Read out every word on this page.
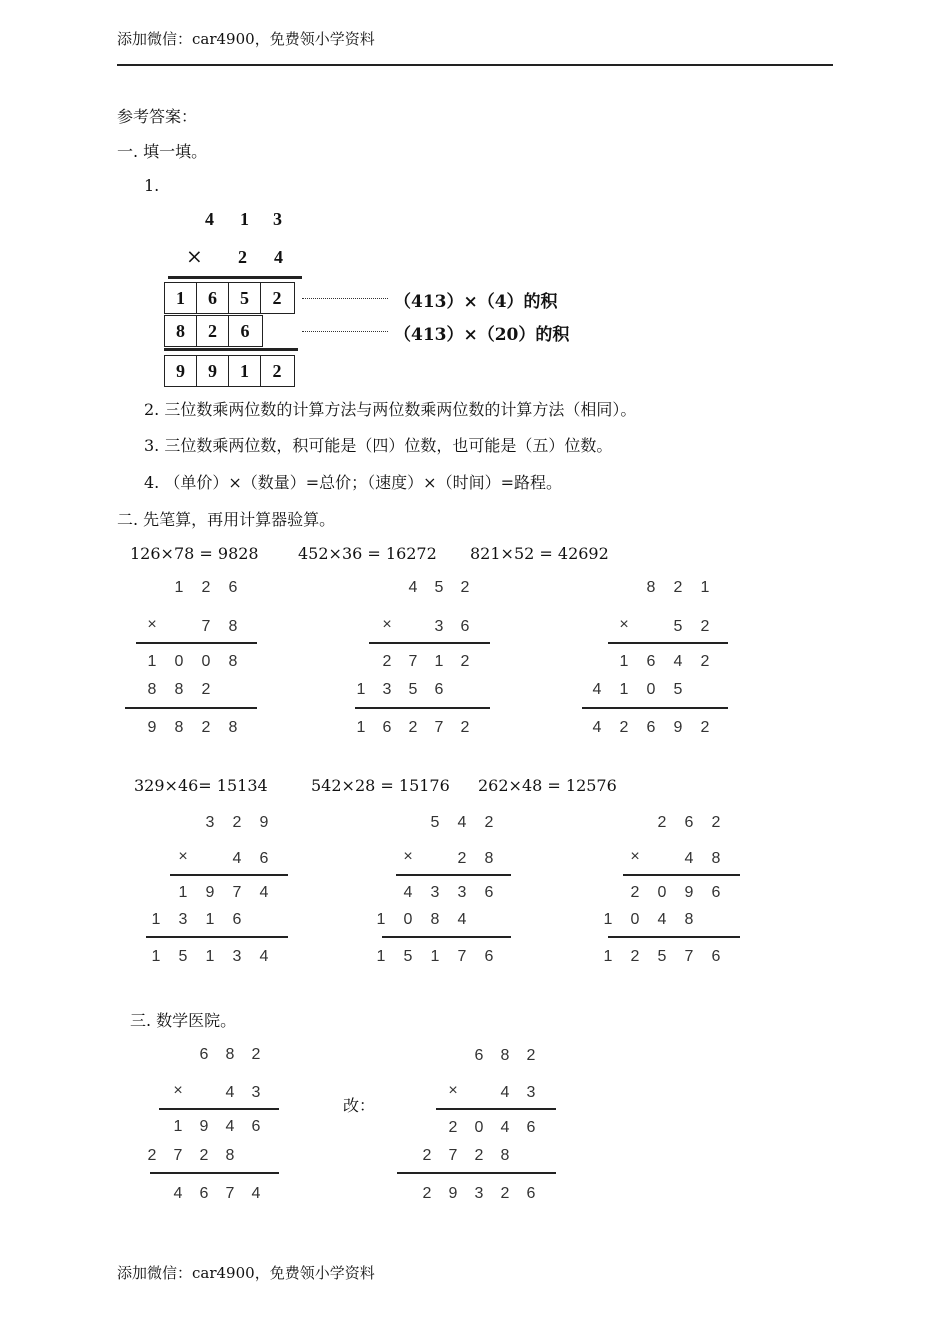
添加微信：car4900，免费领小学资料
添加微信：car4900，免费领小学资料
参考答案：
一. 填一填。
1.
4 1 3
× 2 4
1	6	5	2	（413）×（4）的积
8	2	6	（413）×（20）的积
9	9	1	2
2. 三位数乘两位数的计算方法与两位数乘两位数的计算方法（相同）。
3. 三位数乘两位数，积可能是（四）位数，也可能是（五）位数。
4. （单价）×（数量）=总价；（速度）×（时间）=路程。
二. 先笔算，再用计算器验算。
126×78 = 9828 452×36 = 16272 821×52 = 42692
329×46= 15134	542×28 = 15176 262×48 = 12576
1	2	6
×	7	8
1	0	0	8
8	8	2
9	8	2	8
4	5	2
×	3	6
2	7	1	2
1	3	5	6
1	6	2	7	2
8	2	1
×	5	2
1	6	4	2
4	1	0	5
4	2	6	9	2
3	2	9
×	4	6
1	9	7	4
1	3	1	6
1	5	1	3	4
5	4	2
×	2	8
4	3	3	6
1	0	8	4
1	5	1	7	6
2	6	2
×	4	8
2	0	9	6
1	0	4	8
1	2	5	7	6
三. 数学医院。
改：
6	8	2
×	4	3
1	9	4	6
2	7	2	8
4	6	7	4
6	8	2
×	4	3
2	0	4	6
2	7	2	8
2	9	3	2	6
